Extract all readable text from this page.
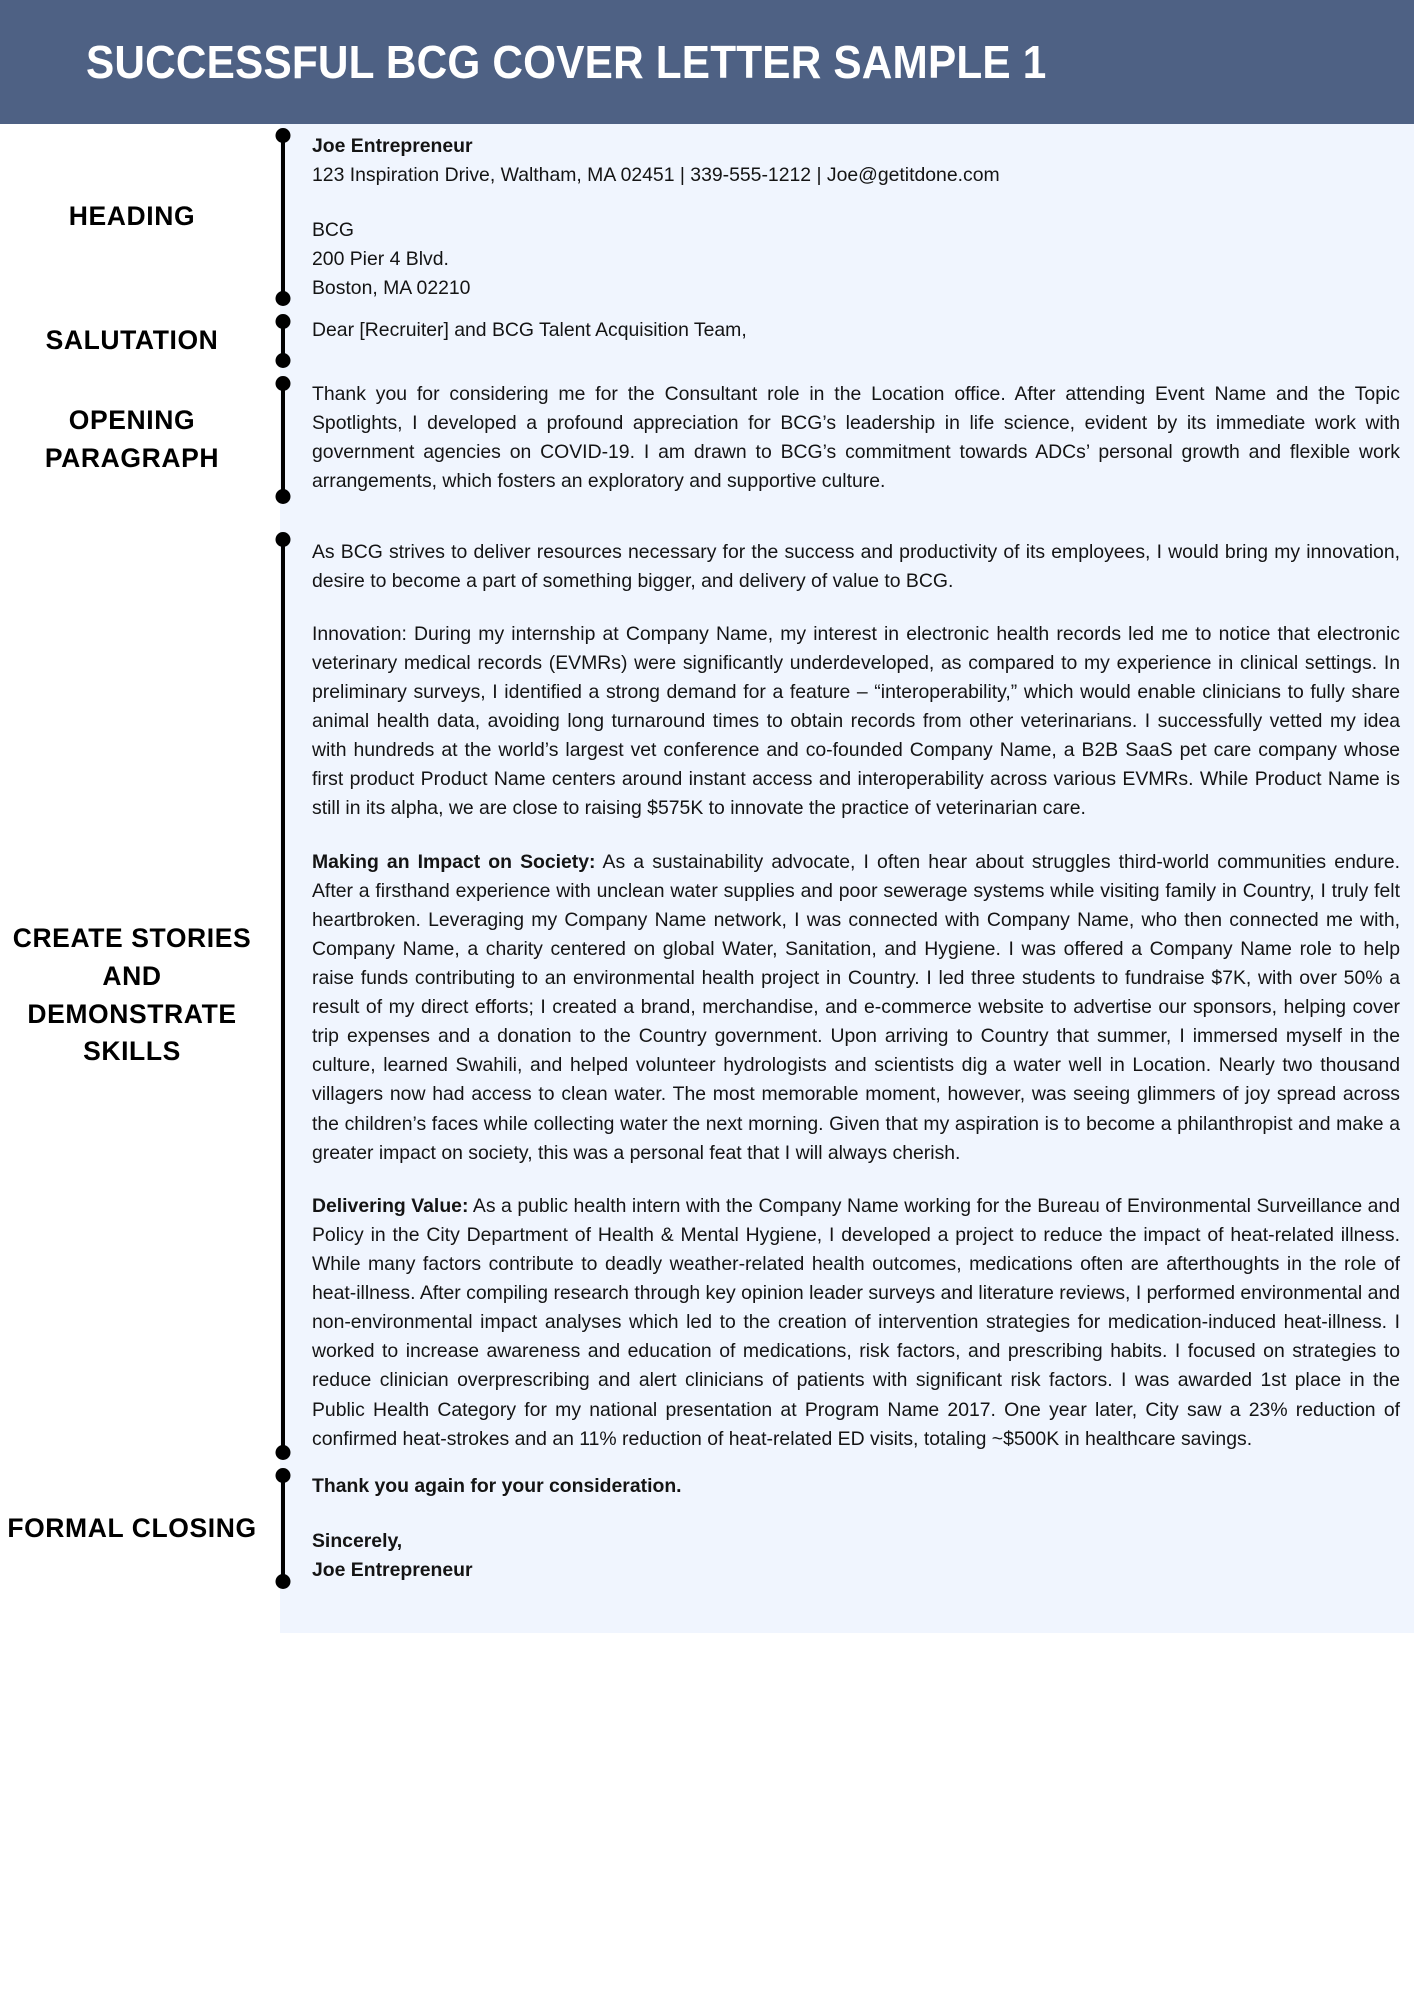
SUCCESSFUL BCG COVER LETTER SAMPLE 1
HEADING

Joe Entrepreneur

123 Inspiration Drive, Waltham, MA 02451 | 339-555-1212 | Joe@getitdone.com

BCG

200 Pier 4 Blvd.

Boston, MA 02210

SALUTATION	Dear [Recruiter] and BCG Talent Acquisition Team,

OPENING PARAGRAPH

Thank you for considering me for the Consultant role in the Location office. After attending Event Name and the Topic Spotlights, I developed a profound appreciation for BCG’s leadership in life science, evident by its immediate work with government agencies on COVID-19. I am drawn to BCG’s commitment towards ADCs’ personal growth and flexible work arrangements, which fosters an exploratory and supportive culture.

CREATE STORIES AND DEMONSTRATE SKILLS

As BCG strives to deliver resources necessary for the success and productivity of its employees, I would bring my innovation, desire to become a part of something bigger, and delivery of value to BCG.

Innovation: During my internship at Company Name, my interest in electronic health records led me to notice that electronic veterinary medical records (EVMRs) were significantly underdeveloped, as compared to my experience in clinical settings. In preliminary surveys, I identified a strong demand for a feature – “interoperability,” which would enable clinicians to fully share animal health data, avoiding long turnaround times to obtain records from other veterinarians. I successfully vetted my idea with hundreds at the world’s largest vet conference and co-founded Company Name, a B2B SaaS pet care company whose first product Product Name centers around instant access and interoperability across various EVMRs. While Product Name is still in its alpha, we are close to raising $575K to innovate the practice of veterinarian care.

Making an Impact on Society: As a sustainability advocate, I often hear about struggles third-world communities endure. After a firsthand experience with unclean water supplies and poor sewerage systems while visiting family in Country, I truly felt heartbroken. Leveraging my Company Name network, I was connected with Company Name, who then connected me with, Company Name, a charity centered on global Water, Sanitation, and Hygiene. I was offered a Company Name role to help raise funds contributing to an environmental health project in Country. I led three students to fundraise $7K, with over 50% a result of my direct efforts; I created a brand, merchandise, and e-commerce website to advertise our sponsors, helping cover trip expenses and a donation to the Country government. Upon arriving to Country that summer, I immersed myself in the culture, learned Swahili, and helped volunteer hydrologists and scientists dig a water well in Location. Nearly two thousand villagers now had access to clean water. The most memorable moment, however, was seeing glimmers of joy spread across the children’s faces while collecting water the next morning. Given that my aspiration is to become a philanthropist and make a greater impact on society, this was a personal feat that I will always cherish.

Delivering Value: As a public health intern with the Company Name working for the Bureau of Environmental Surveillance and Policy in the City Department of Health & Mental Hygiene, I developed a project to reduce the impact of heat-related illness. While many factors contribute to deadly weather-related health outcomes, medications often are afterthoughts in the role of heat-illness. After compiling research through key opinion leader surveys and literature reviews, I performed environmental and non-environmental impact analyses which led to the creation of intervention strategies for medication-induced heat-illness. I worked to increase awareness and education of medications, risk factors, and prescribing habits. I focused on strategies to reduce clinician overprescribing and alert clinicians of patients with significant risk factors. I was awarded 1st place in the Public Health Category for my national presentation at Program Name 2017. One year later, City saw a 23% reduction of confirmed heat-strokes and an 11% reduction of heat-related ED visits, totaling ~$500K in healthcare savings.

FORMAL CLOSING

Thank you again for your consideration.

Sincerely,

Joe Entrepreneur
